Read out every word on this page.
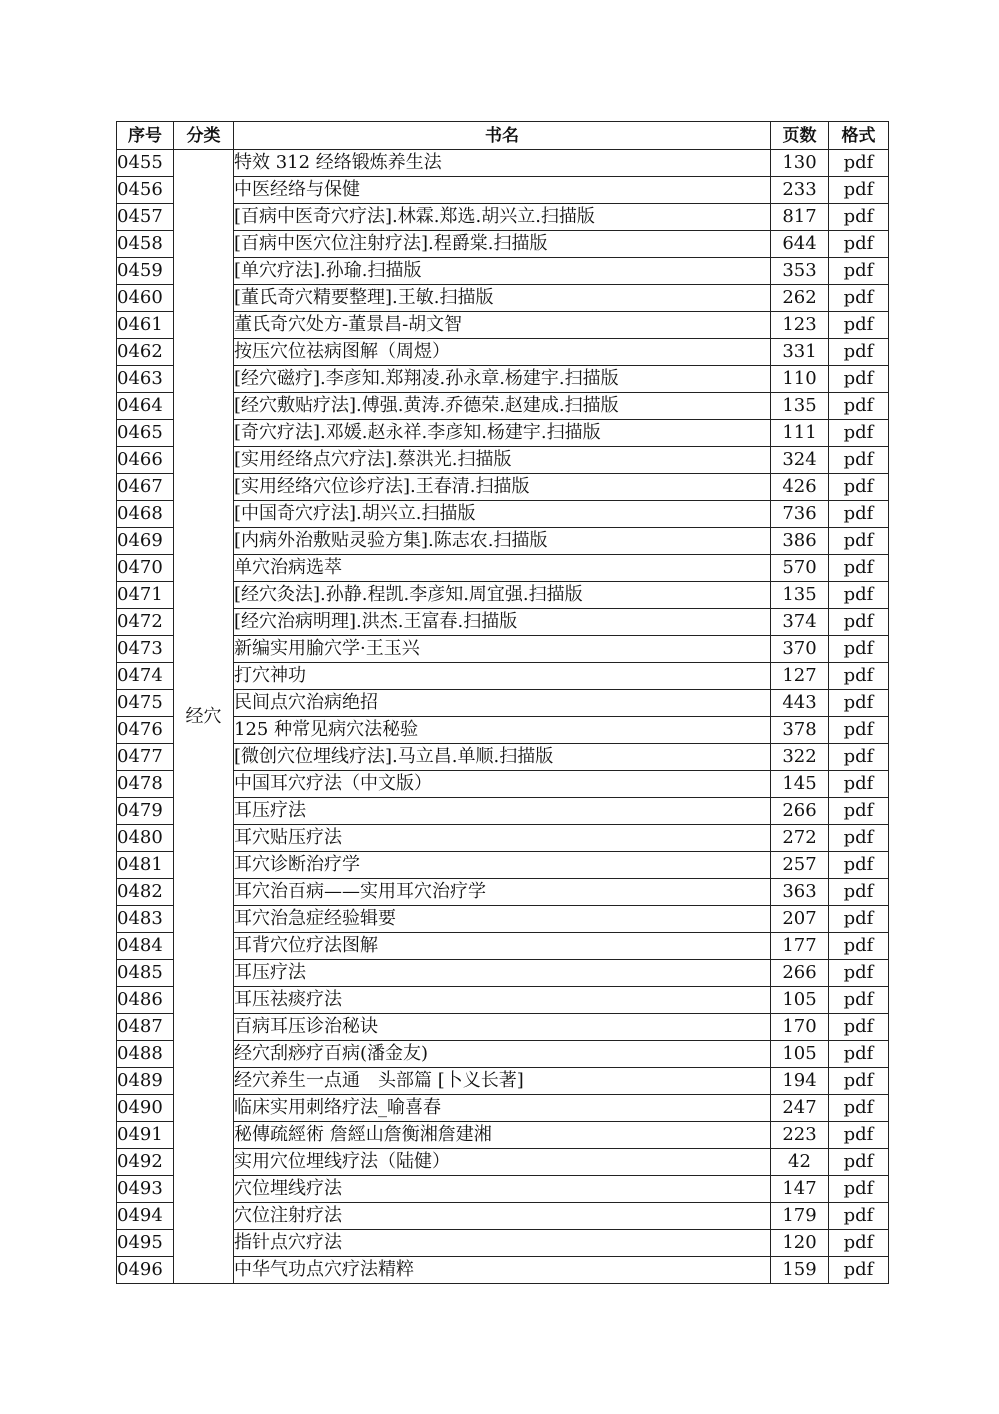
序号	分类	书名	页数	格式
0455	经穴	特效 312 经络锻炼养生法	130	pdf
0456		中医经络与保健	233	pdf
0457		[百病中医奇穴疗法].林霖.郑选.胡兴立.扫描版	817	pdf
0458		[百病中医穴位注射疗法].程爵棠.扫描版	644	pdf
0459		[单穴疗法].孙瑜.扫描版	353	pdf
0460		[董氏奇穴精要整理].王敏.扫描版	262	pdf
0461		董氏奇穴处方-董景昌-胡文智	123	pdf
0462		按压穴位祛病图解（周煜）	331	pdf
0463		[经穴磁疗].李彦知.郑翔凌.孙永章.杨建宇.扫描版	110	pdf
0464		[经穴敷贴疗法].傅强.黄涛.乔德荣.赵建成.扫描版	135	pdf
0465		[奇穴疗法].邓媛.赵永祥.李彦知.杨建宇.扫描版	111	pdf
0466		[实用经络点穴疗法].蔡洪光.扫描版	324	pdf
0467		[实用经络穴位诊疗法].王春清.扫描版	426	pdf
0468		[中国奇穴疗法].胡兴立.扫描版	736	pdf
0469		[内病外治敷贴灵验方集].陈志农.扫描版	386	pdf
0470		单穴治病选萃	570	pdf
0471		[经穴灸法].孙静.程凯.李彦知.周宜强.扫描版	135	pdf
0472		[经穴治病明理].洪杰.王富春.扫描版	374	pdf
0473		新编实用腧穴学·王玉兴	370	pdf
0474		打穴神功	127	pdf
0475		民间点穴治病绝招	443	pdf
0476		125 种常见病穴法秘验	378	pdf
0477		[微创穴位埋线疗法].马立昌.单顺.扫描版	322	pdf
0478		中国耳穴疗法（中文版）	145	pdf
0479		耳压疗法	266	pdf
0480		耳穴贴压疗法	272	pdf
0481		耳穴诊断治疗学	257	pdf
0482		耳穴治百病——实用耳穴治疗学	363	pdf
0483		耳穴治急症经验辑要	207	pdf
0484		耳背穴位疗法图解	177	pdf
0485		耳压疗法	266	pdf
0486		耳压祛痰疗法	105	pdf
0487		百病耳压诊治秘诀	170	pdf
0488		经穴刮痧疗百病(潘金友)	105	pdf
0489		经穴养生一点通　头部篇 [卜义长著]	194	pdf
0490		临床实用刺络疗法_喻喜春	247	pdf
0491		秘傳疏經術 詹經山詹衡湘詹建湘	223	pdf
0492		实用穴位埋线疗法（陆健）	42	pdf
0493		穴位埋线疗法	147	pdf
0494		穴位注射疗法	179	pdf
0495		指针点穴疗法	120	pdf
0496		中华气功点穴疗法精粹	159	pdf
